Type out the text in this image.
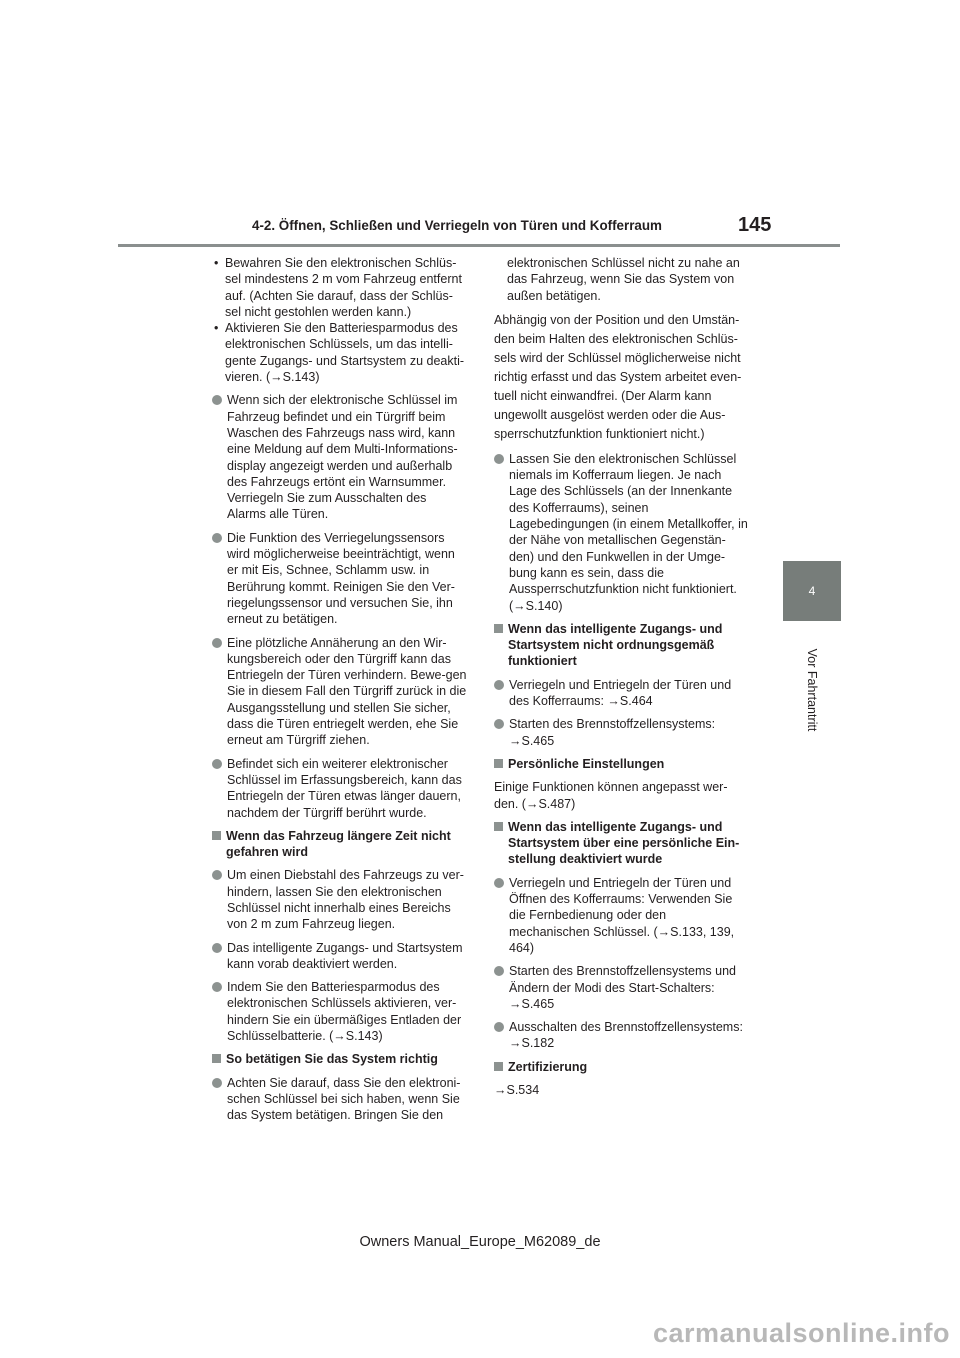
4-2. Öffnen, Schließen und Verriegeln von Türen und Kofferraum	145
4
Vor Fahrtantritt
• Bewahren Sie den elektronischen Schlüs-sel mindestens 2 m vom Fahrzeug entfernt auf. (Achten Sie darauf, dass der Schlüs-sel nicht gestohlen werden kann.)
• Aktivieren Sie den Batteriesparmodus des elektronischen Schlüssels, um das intelli-gente Zugangs- und Startsystem zu deakti-vieren. (→S.143)
Wenn sich der elektronische Schlüssel im Fahrzeug befindet und ein Türgriff beim Waschen des Fahrzeugs nass wird, kann eine Meldung auf dem Multi-Informations-display angezeigt werden und außerhalb des Fahrzeugs ertönt ein Warnsummer. Verriegeln Sie zum Ausschalten des Alarms alle Türen.
Die Funktion des Verriegelungssensors wird möglicherweise beeinträchtigt, wenn er mit Eis, Schnee, Schlamm usw. in Berührung kommt. Reinigen Sie den Ver-riegelungssensor und versuchen Sie, ihn erneut zu betätigen.
Eine plötzliche Annäherung an den Wir-kungsbereich oder den Türgriff kann das Entriegeln der Türen verhindern. Bewe-gen Sie in diesem Fall den Türgriff zurück in die Ausgangsstellung und stellen Sie sicher, dass die Türen entriegelt werden, ehe Sie erneut am Türgriff ziehen.
Befindet sich ein weiterer elektronischer Schlüssel im Erfassungsbereich, kann das Entriegeln der Türen etwas länger dauern, nachdem der Türgriff berührt wurde.
Wenn das Fahrzeug längere Zeit nicht gefahren wird
Um einen Diebstahl des Fahrzeugs zu ver-hindern, lassen Sie den elektronischen Schlüssel nicht innerhalb eines Bereichs von 2 m zum Fahrzeug liegen.
Das intelligente Zugangs- und Startsystem kann vorab deaktiviert werden.
Indem Sie den Batteriesparmodus des elektronischen Schlüssels aktivieren, ver-hindern Sie ein übermäßiges Entladen der Schlüsselbatterie. (→S.143)
So betätigen Sie das System richtig
Achten Sie darauf, dass Sie den elektroni-schen Schlüssel bei sich haben, wenn Sie das System betätigen. Bringen Sie den
elektronischen Schlüssel nicht zu nahe an das Fahrzeug, wenn Sie das System von außen betätigen.
Abhängig von der Position und den Umstän-den beim Halten des elektronischen Schlüs-sels wird der Schlüssel möglicherweise nicht richtig erfasst und das System arbeitet even-tuell nicht einwandfrei. (Der Alarm kann ungewollt ausgelöst werden oder die Aus-sperrschutzfunktion funktioniert nicht.)
Lassen Sie den elektronischen Schlüssel niemals im Kofferraum liegen. Je nach Lage des Schlüssels (an der Innenkante des Kofferraums), seinen Lagebedingungen (in einem Metallkoffer, in der Nähe von metallischen Gegenstän-den) und den Funkwellen in der Umge-bung kann es sein, dass die Aussperrschutzfunktion nicht funktioniert. (→S.140)
Wenn das intelligente Zugangs- und Startsystem nicht ordnungsgemäß funktioniert
Verriegeln und Entriegeln der Türen und des Kofferraums: →S.464
Starten des Brennstoffzellensystems: →S.465
Persönliche Einstellungen
Einige Funktionen können angepasst wer-den. (→S.487)
Wenn das intelligente Zugangs- und Startsystem über eine persönliche Ein-stellung deaktiviert wurde
Verriegeln und Entriegeln der Türen und Öffnen des Kofferraums: Verwenden Sie die Fernbedienung oder den mechanischen Schlüssel. (→S.133, 139, 464)
Starten des Brennstoffzellensystems und Ändern der Modi des Start-Schalters: →S.465
Ausschalten des Brennstoffzellensystems: →S.182
Zertifizierung
→S.534
Owners Manual_Europe_M62089_de
carmanualsonline.info
